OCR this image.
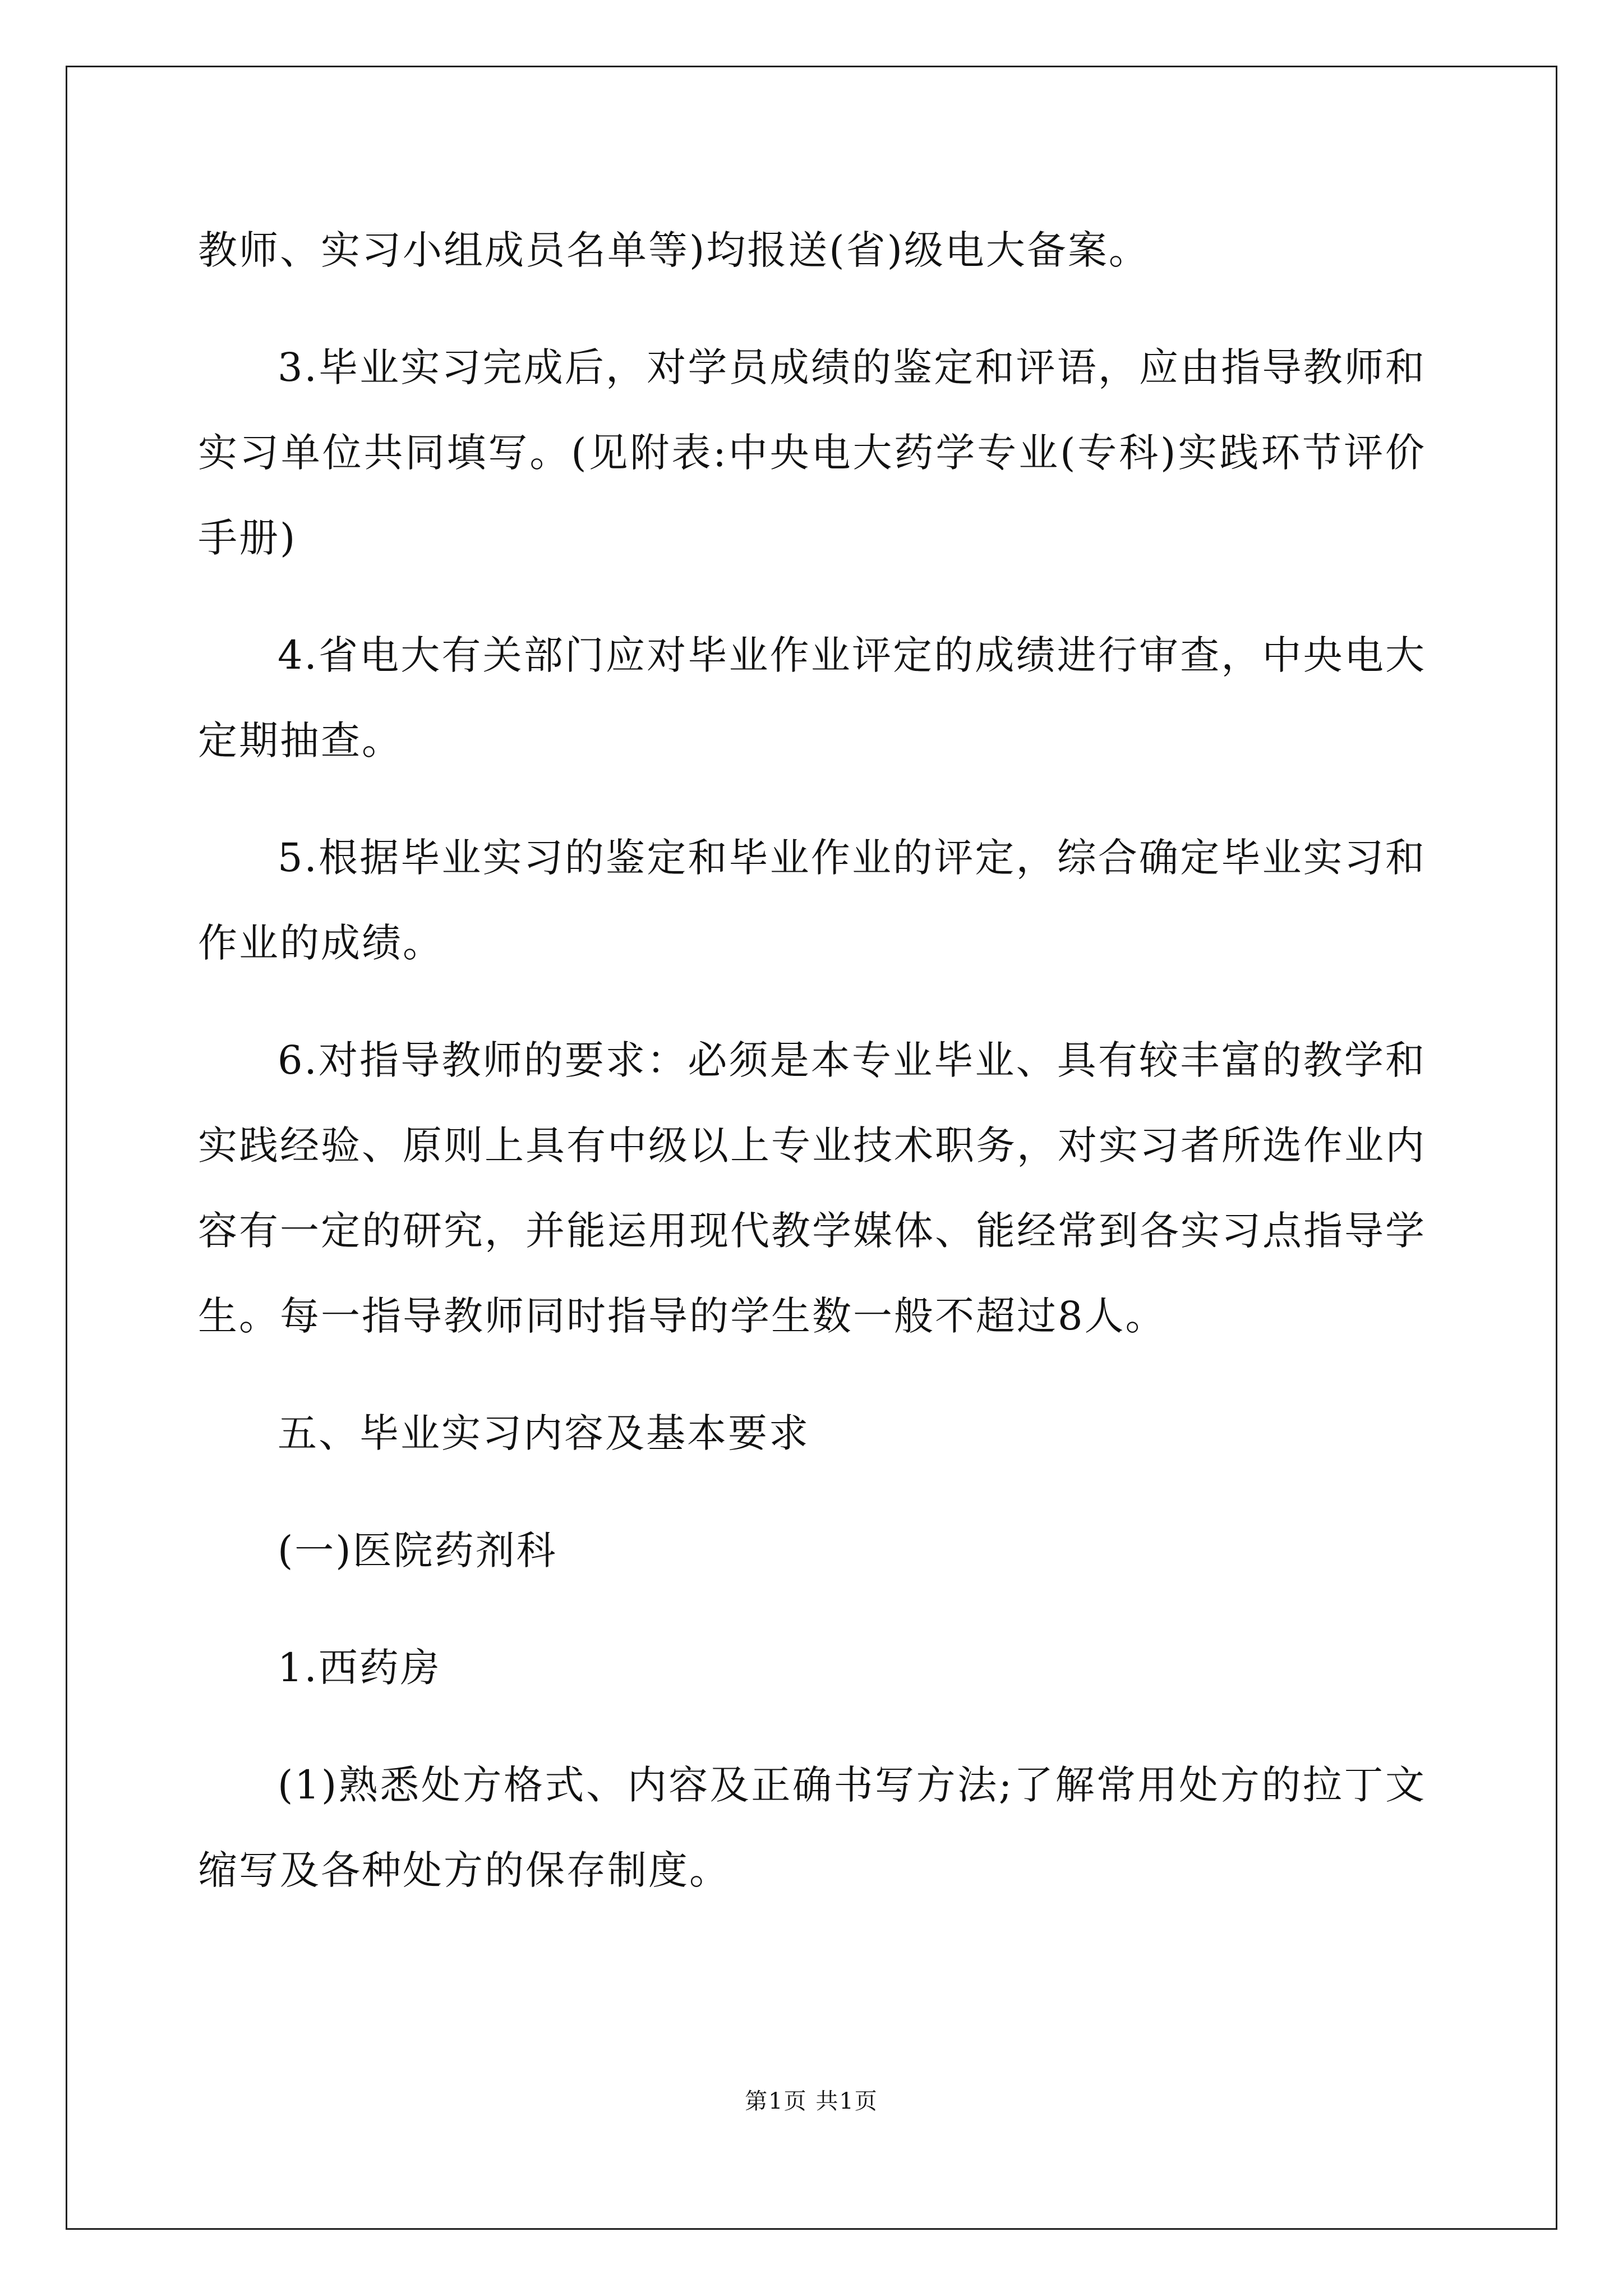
教师、实习小组成员名单等)均报送(省)级电大备案。

3.毕业实习完成后，对学员成绩的鉴定和评语，应由指导教师和实习单位共同填写。(见附表:中央电大药学专业(专科)实践环节评价手册)

4.省电大有关部门应对毕业作业评定的成绩进行审查，中央电大定期抽查。

5.根据毕业实习的鉴定和毕业作业的评定，综合确定毕业实习和作业的成绩。

6.对指导教师的要求：必须是本专业毕业、具有较丰富的教学和实践经验、原则上具有中级以上专业技术职务，对实习者所选作业内容有一定的研究，并能运用现代教学媒体、能经常到各实习点指导学生。每一指导教师同时指导的学生数一般不超过8人。

五、毕业实习内容及基本要求

(一)医院药剂科

1.西药房

(1)熟悉处方格式、内容及正确书写方法;了解常用处方的拉丁文缩写及各种处方的保存制度。

第1页 共1页
